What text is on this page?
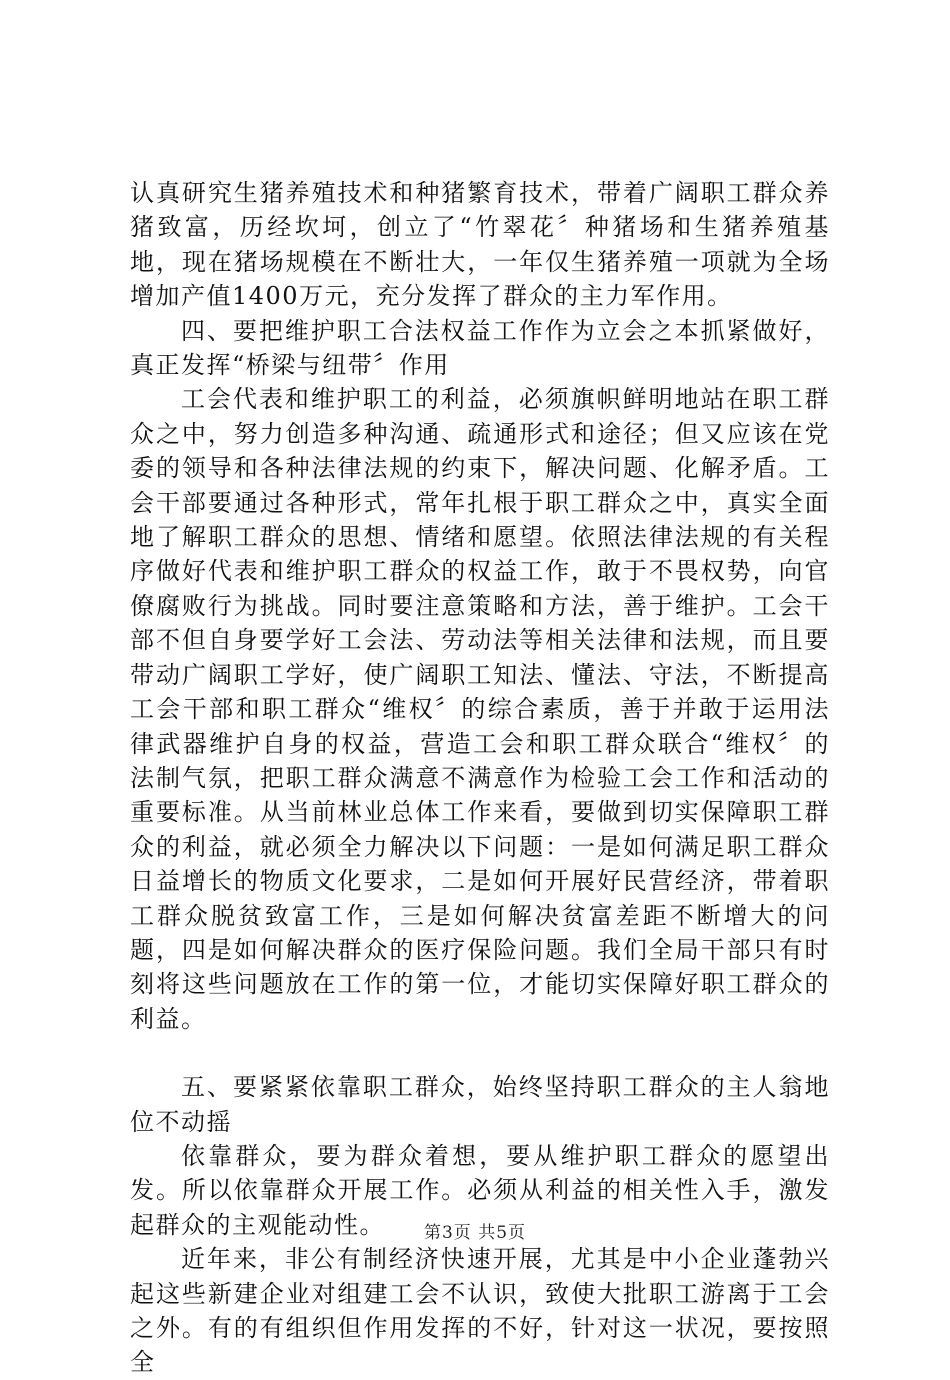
认真研究生猪养殖技术和种猪繁育技术，带着广阔职工群众养猪致富，历经坎坷，创立了“竹翠花〞种猪场和生猪养殖基地，现在猪场规模在不断壮大，一年仅生猪养殖一项就为全场增加产值1400万元，充分发挥了群众的主力军作用。

四、要把维护职工合法权益工作作为立会之本抓紧做好，真正发挥“桥梁与纽带〞作用

工会代表和维护职工的利益，必须旗帜鲜明地站在职工群众之中，努力创造多种沟通、疏通形式和途径；但又应该在党委的领导和各种法律法规的约束下，解决问题、化解矛盾。工会干部要通过各种形式，常年扎根于职工群众之中，真实全面地了解职工群众的思想、情绪和愿望。依照法律法规的有关程序做好代表和维护职工群众的权益工作，敢于不畏权势，向官僚腐败行为挑战。同时要注意策略和方法，善于维护。工会干部不但自身要学好工会法、劳动法等相关法律和法规，而且要带动广阔职工学好，使广阔职工知法、懂法、守法，不断提高工会干部和职工群众“维权〞的综合素质，善于并敢于运用法律武器维护自身的权益，营造工会和职工群众联合“维权〞的法制气氛，把职工群众满意不满意作为检验工会工作和活动的重要标准。从当前林业总体工作来看，要做到切实保障职工群众的利益，就必须全力解决以下问题：一是如何满足职工群众日益增长的物质文化要求，二是如何开展好民营经济，带着职工群众脱贫致富工作，三是如何解决贫富差距不断增大的问题，四是如何解决群众的医疗保险问题。我们全局干部只有时刻将这些问题放在工作的第一位，才能切实保障好职工群众的利益。

五、要紧紧依靠职工群众，始终坚持职工群众的主人翁地位不动摇

依靠群众，要为群众着想，要从维护职工群众的愿望出发。所以依靠群众开展工作。必须从利益的相关性入手，激发起群众的主观能动性。

近年来，非公有制经济快速开展，尤其是中小企业蓬勃兴起这些新建企业对组建工会不认识，致使大批职工游离于工会之外。有的有组织但作用发挥的不好，针对这一状况，要按照全

第3页 共5页
